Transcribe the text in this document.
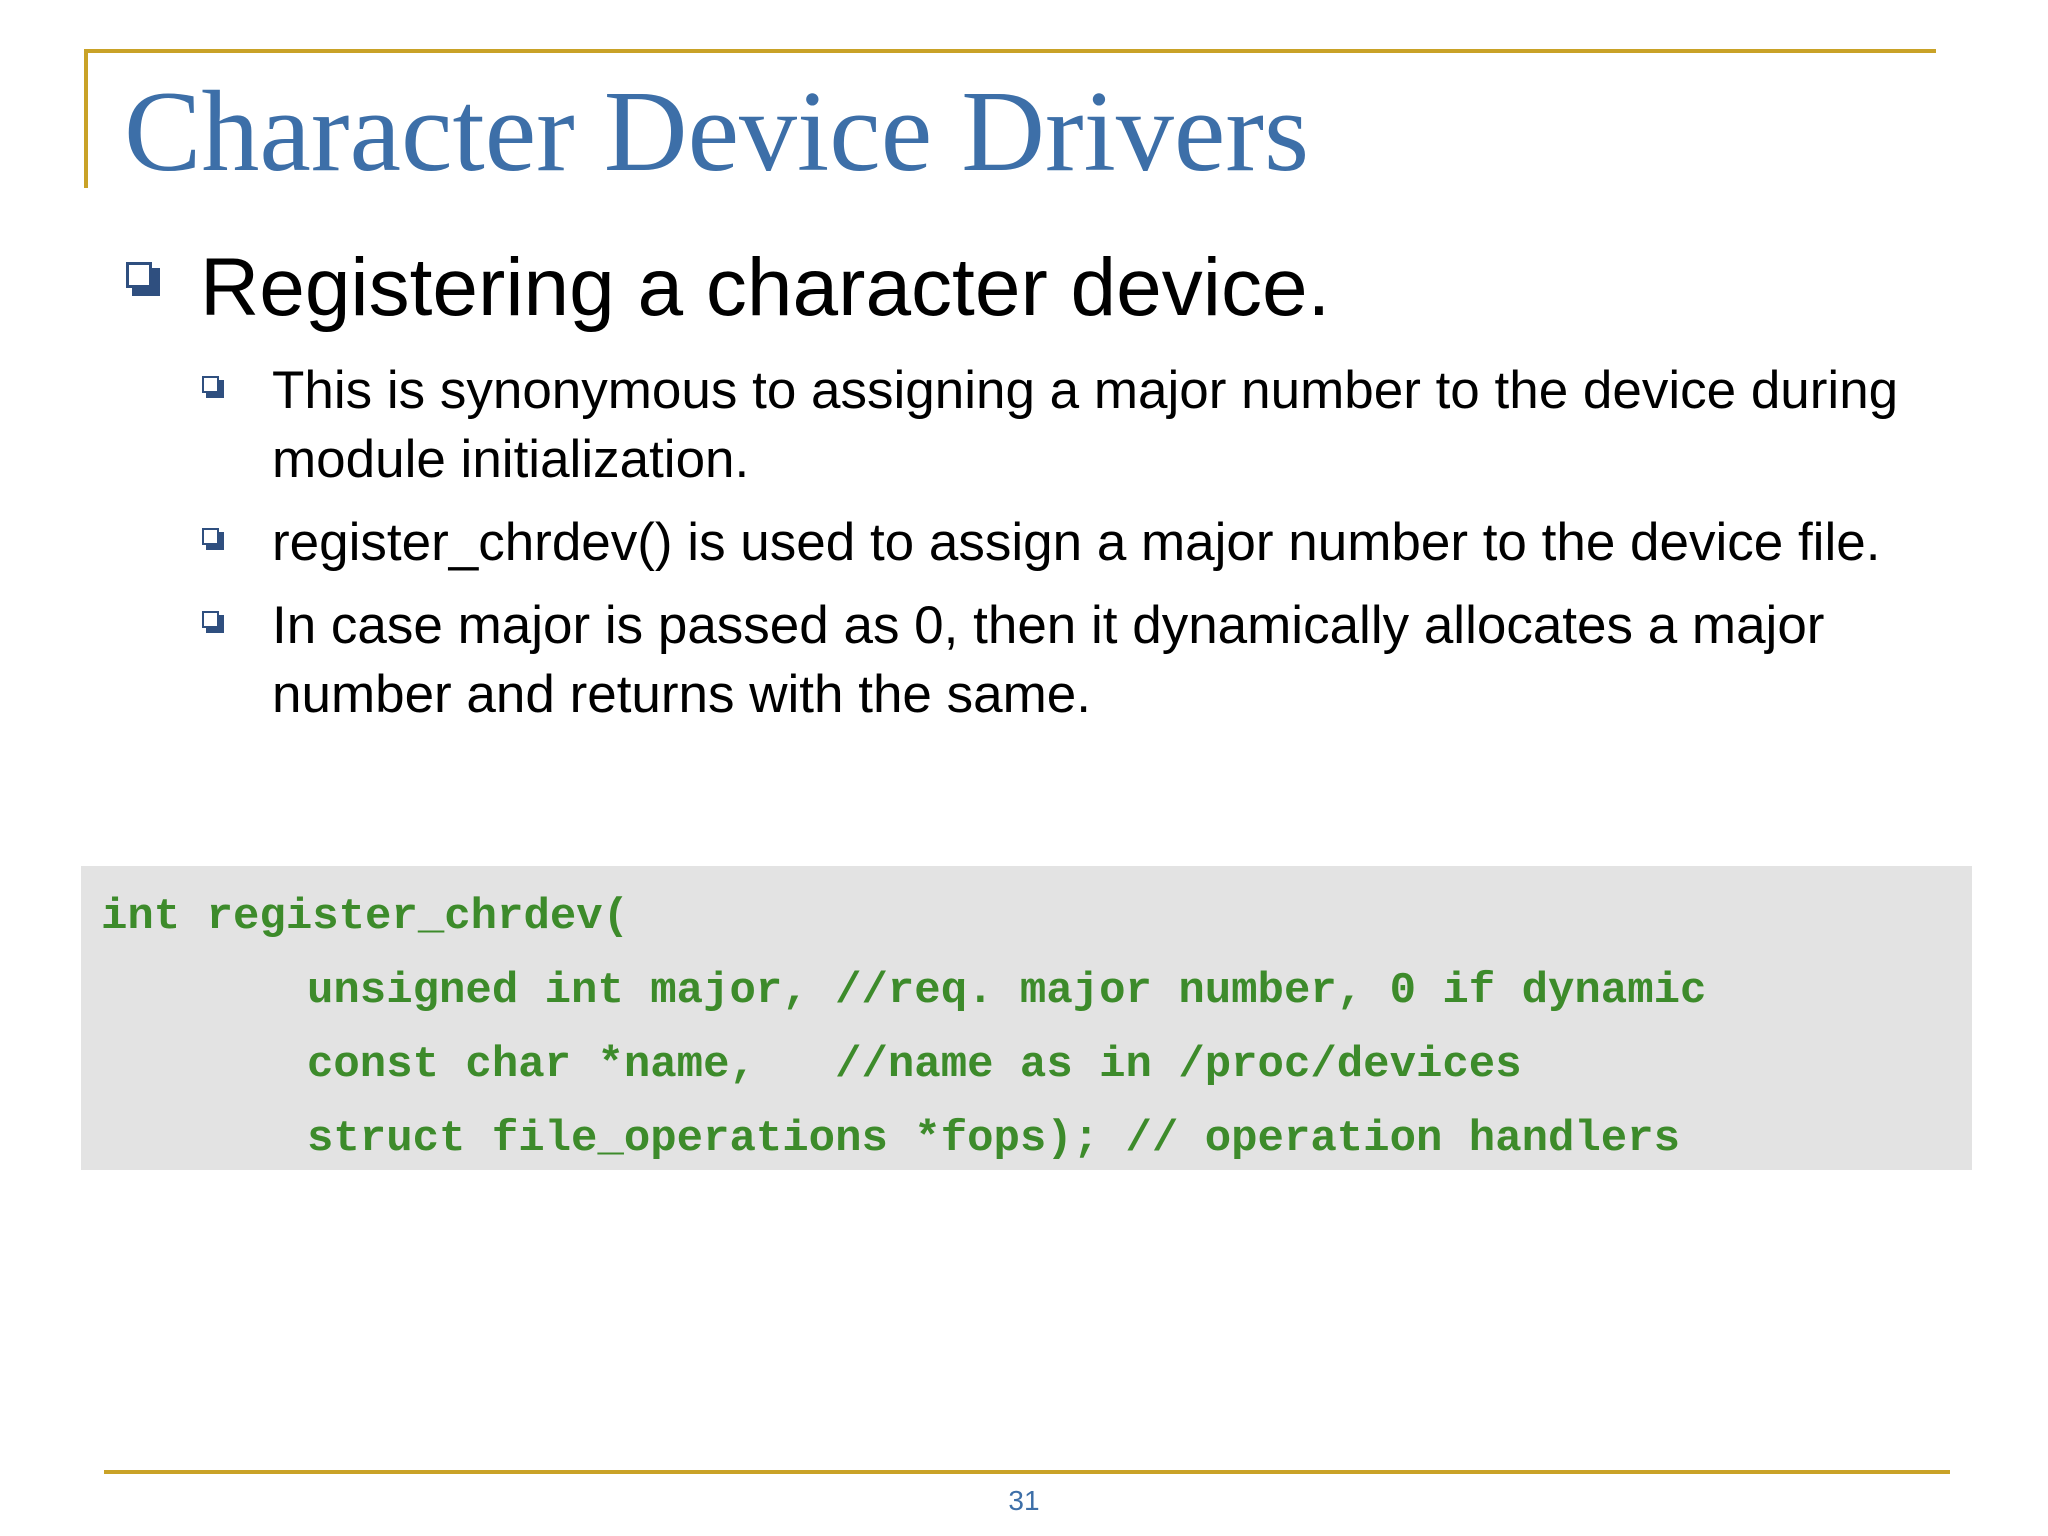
Character Device Drivers
Registering a character device.
This is synonymous to assigning a major number to the device during module initialization.
register_chrdev() is used to assign a major number to the device file.
In case major is passed as 0, then it dynamically allocates a major number and returns with the same.
int register_chrdev(
unsigned int major, //req. major number, 0 if dynamic
const char *name,   //name as in /proc/devices
struct file_operations *fops); // operation handlers
31
